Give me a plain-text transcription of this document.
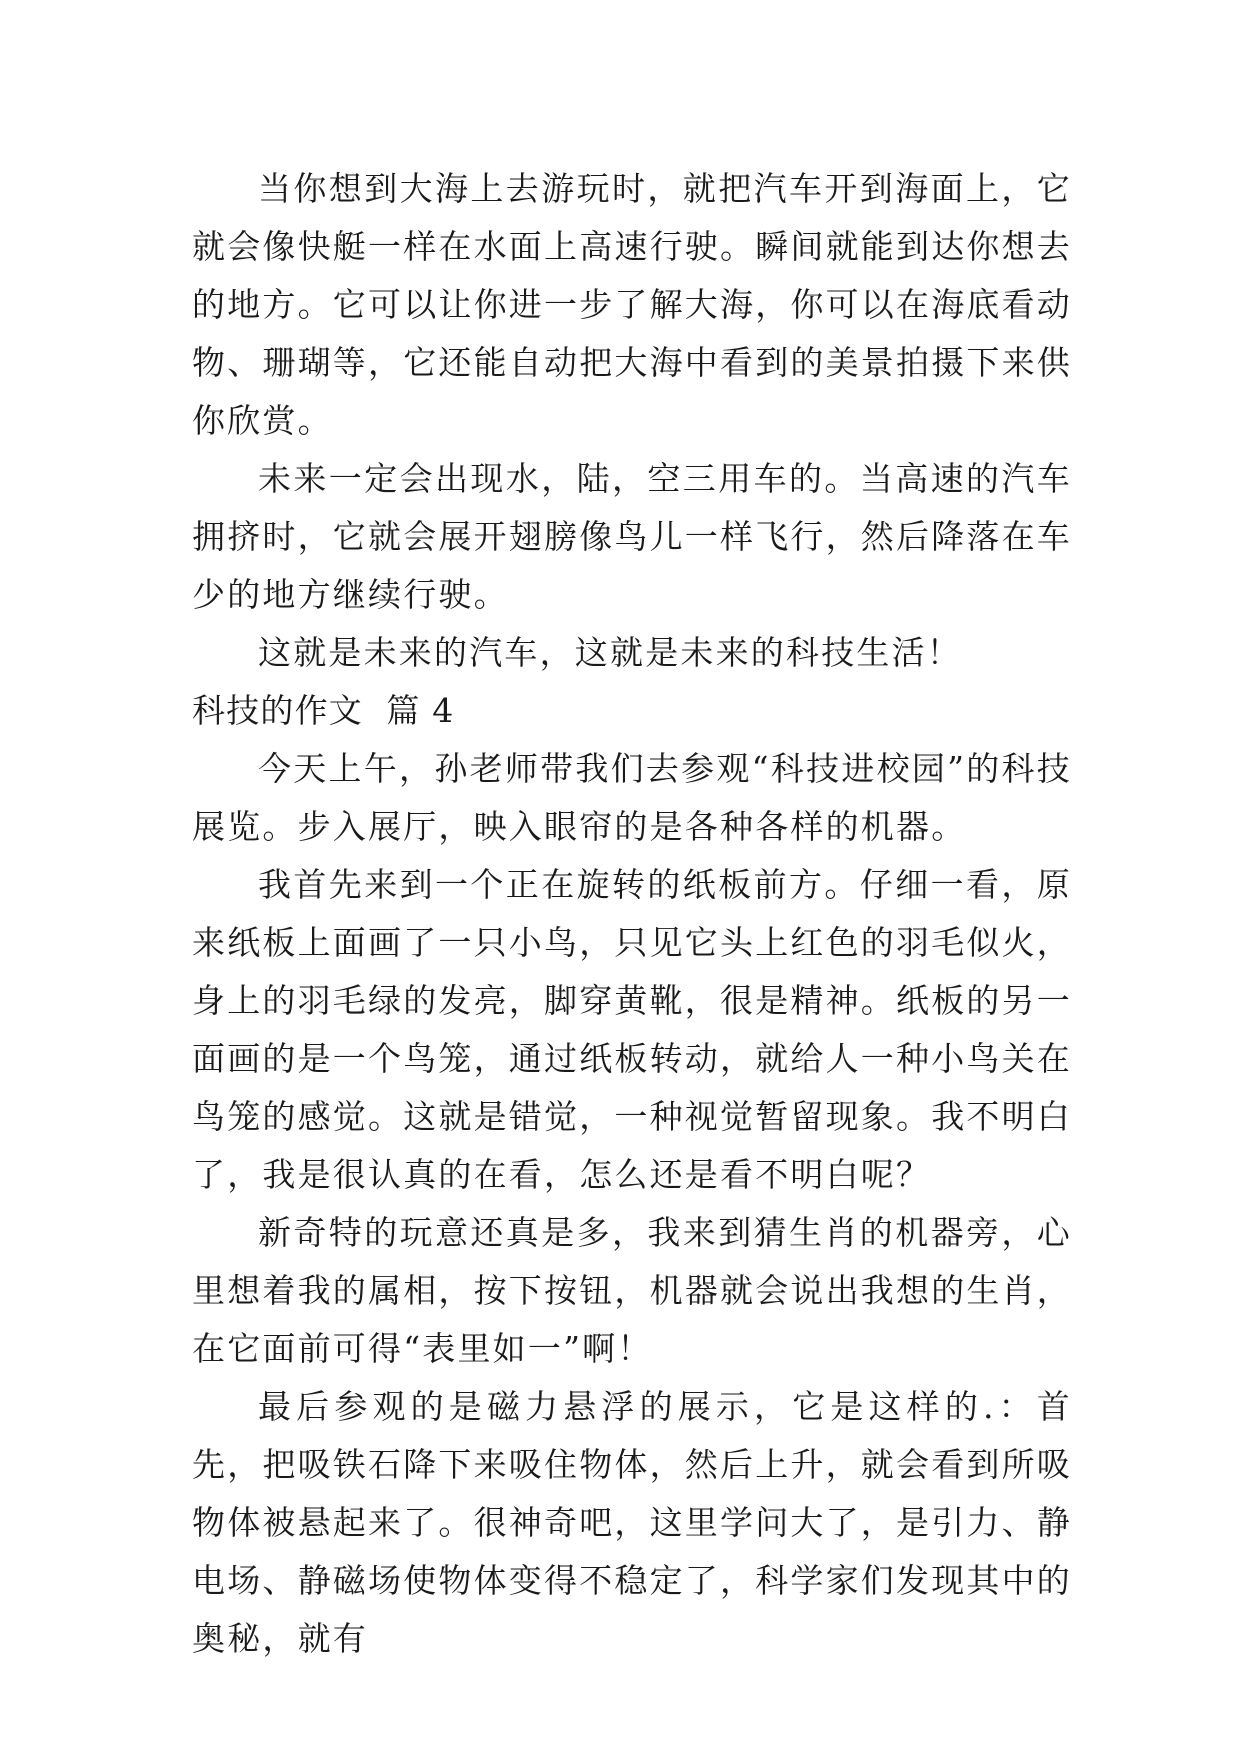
当你想到大海上去游玩时，就把汽车开到海面上，它就会像快艇一样在水面上高速行驶。瞬间就能到达你想去的地方。它可以让你进一步了解大海，你可以在海底看动物、珊瑚等，它还能自动把大海中看到的美景拍摄下来供你欣赏。

未来一定会出现水，陆，空三用车的。当高速的汽车拥挤时，它就会展开翅膀像鸟儿一样飞行，然后降落在车少的地方继续行驶。

这就是未来的汽车，这就是未来的科技生活！

科技的作文  篇 4

今天上午，孙老师带我们去参观“科技进校园”的科技展览。步入展厅，映入眼帘的是各种各样的机器。

我首先来到一个正在旋转的纸板前方。仔细一看，原来纸板上面画了一只小鸟，只见它头上红色的羽毛似火，身上的羽毛绿的发亮，脚穿黄靴，很是精神。纸板的另一面画的是一个鸟笼，通过纸板转动，就给人一种小鸟关在鸟笼的感觉。这就是错觉，一种视觉暂留现象。我不明白了，我是很认真的在看，怎么还是看不明白呢？

新奇特的玩意还真是多，我来到猜生肖的机器旁，心里想着我的属相，按下按钮，机器就会说出我想的生肖，在它面前可得“表里如一”啊！

最后参观的是磁力悬浮的展示，它是这样的.：首先，把吸铁石降下来吸住物体，然后上升，就会看到所吸物体被悬起来了。很神奇吧，这里学问大了，是引力、静电场、静磁场使物体变得不稳定了，科学家们发现其中的奥秘，就有
